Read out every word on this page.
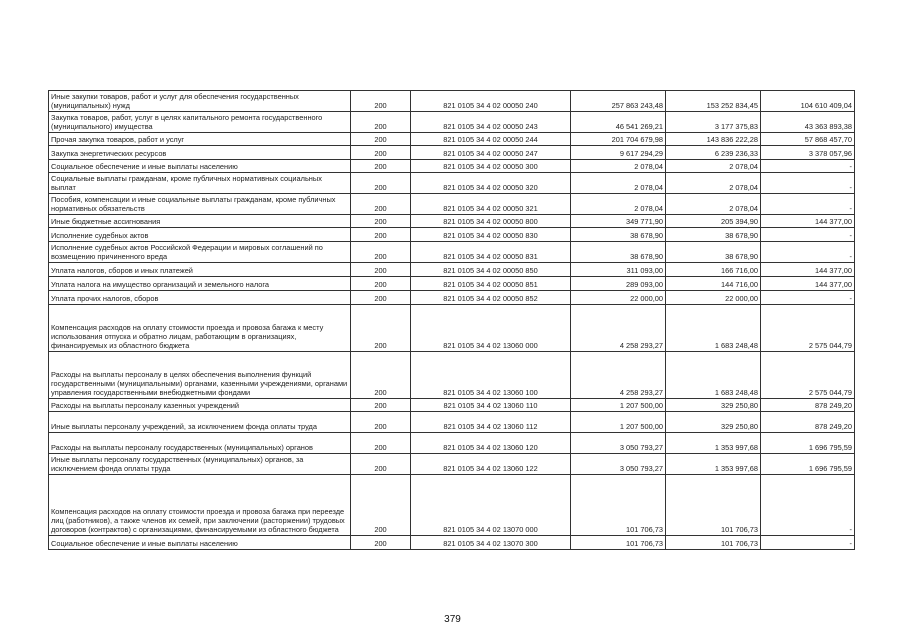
Иные закупки товаров, работ и услуг для обеспечения государственных (муниципальных) нужд	200	821 0105 34 4 02 00050 240	257 863 243,48	153 252 834,45	104 610 409,04
Закупка товаров, работ, услуг в целях капитального ремонта государственного (муниципального) имущества	200	821 0105 34 4 02 00050 243	46 541 269,21	3 177 375,83	43 363 893,38
Прочая закупка товаров, работ и услуг	200	821 0105 34 4 02 00050 244	201 704 679,98	143 836 222,28	57 868 457,70
Закупка энергетических ресурсов	200	821 0105 34 4 02 00050 247	9 617 294,29	6 239 236,33	3 378 057,96
Социальное обеспечение и иные выплаты населению	200	821 0105 34 4 02 00050 300	2 078,04	2 078,04	-
Социальные выплаты гражданам, кроме публичных нормативных социальных выплат	200	821 0105 34 4 02 00050 320	2 078,04	2 078,04	-
Пособия, компенсации и иные социальные выплаты гражданам, кроме публичных нормативных обязательств	200	821 0105 34 4 02 00050 321	2 078,04	2 078,04	-
Иные бюджетные ассигнования	200	821 0105 34 4 02 00050 800	349 771,90	205 394,90	144 377,00
Исполнение судебных актов	200	821 0105 34 4 02 00050 830	38 678,90	38 678,90	-
Исполнение судебных актов Российской Федерации и мировых соглашений по возмещению причиненного вреда	200	821 0105 34 4 02 00050 831	38 678,90	38 678,90	-
Уплата налогов, сборов и иных платежей	200	821 0105 34 4 02 00050 850	311 093,00	166 716,00	144 377,00
Уплата налога на имущество организаций и земельного налога	200	821 0105 34 4 02 00050 851	289 093,00	144 716,00	144 377,00
Уплата прочих налогов, сборов	200	821 0105 34 4 02 00050 852	22 000,00	22 000,00	-
Компенсация расходов на оплату стоимости проезда и провоза багажа к месту использования отпуска и обратно лицам, работающим в организациях, финансируемых из областного бюджета	200	821 0105 34 4 02 13060 000	4 258 293,27	1 683 248,48	2 575 044,79
Расходы на выплаты персоналу в целях обеспечения выполнения функций государственными (муниципальными) органами, казенными учреждениями, органами управления государственными внебюджетными фондами	200	821 0105 34 4 02 13060 100	4 258 293,27	1 683 248,48	2 575 044,79
Расходы на выплаты персоналу казенных учреждений	200	821 0105 34 4 02 13060 110	1 207 500,00	329 250,80	878 249,20
Иные выплаты персоналу учреждений, за исключением фонда оплаты труда	200	821 0105 34 4 02 13060 112	1 207 500,00	329 250,80	878 249,20
Расходы на выплаты персоналу государственных (муниципальных) органов	200	821 0105 34 4 02 13060 120	3 050 793,27	1 353 997,68	1 696 795,59
Иные выплаты персоналу государственных (муниципальных) органов, за исключением фонда оплаты труда	200	821 0105 34 4 02 13060 122	3 050 793,27	1 353 997,68	1 696 795,59
Компенсация расходов на оплату стоимости проезда и провоза багажа при переезде лиц (работников), а также членов их семей, при заключении (расторжении) трудовых договоров (контрактов) с организациями, финансируемыми из областного бюджета	200	821 0105 34 4 02 13070 000	101 706,73	101 706,73	-
Социальное обеспечение и иные выплаты населению	200	821 0105 34 4 02 13070 300	101 706,73	101 706,73	-
379
